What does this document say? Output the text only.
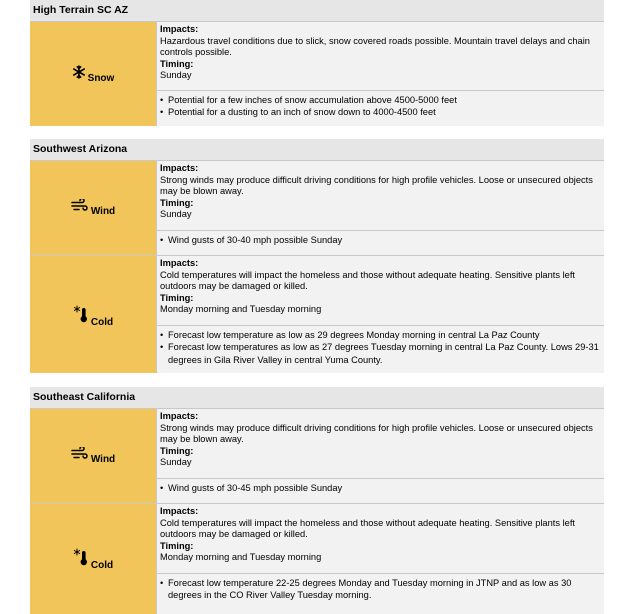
High Terrain SC AZ
Snow
Impacts:
Hazardous travel conditions due to slick, snow covered roads possible. Mountain travel delays and chain controls possible.
Timing:
Sunday
• Potential for a few inches of snow accumulation above 4500-5000 feet
• Potential for a dusting to an inch of snow down to 4000-4500 feet
Southwest Arizona
Wind
Impacts:
Strong winds may produce difficult driving conditions for high profile vehicles. Loose or unsecured objects may be blown away.
Timing:
Sunday
• Wind gusts of 30-40 mph possible Sunday
Cold
Impacts:
Cold temperatures will impact the homeless and those without adequate heating. Sensitive plants left outdoors may be damaged or killed.
Timing:
Monday morning and Tuesday morning
• Forecast low temperature as low as 29 degrees Monday morning in central La Paz County
• Forecast low temperatures as low as 27 degrees Tuesday morning in central La Paz County. Lows 29-31 degrees in Gila River Valley in central Yuma County.
Southeast California
Wind
Impacts:
Strong winds may produce difficult driving conditions for high profile vehicles. Loose or unsecured objects may be blown away.
Timing:
Sunday
• Wind gusts of 30-45 mph possible Sunday
Cold
Impacts:
Cold temperatures will impact the homeless and those without adequate heating. Sensitive plants left outdoors may be damaged or killed.
Timing:
Monday morning and Tuesday morning
• Forecast low temperature 22-25 degrees Monday and Tuesday morning in JTNP and as low as 30 degrees in the CO River Valley Tuesday morning.
